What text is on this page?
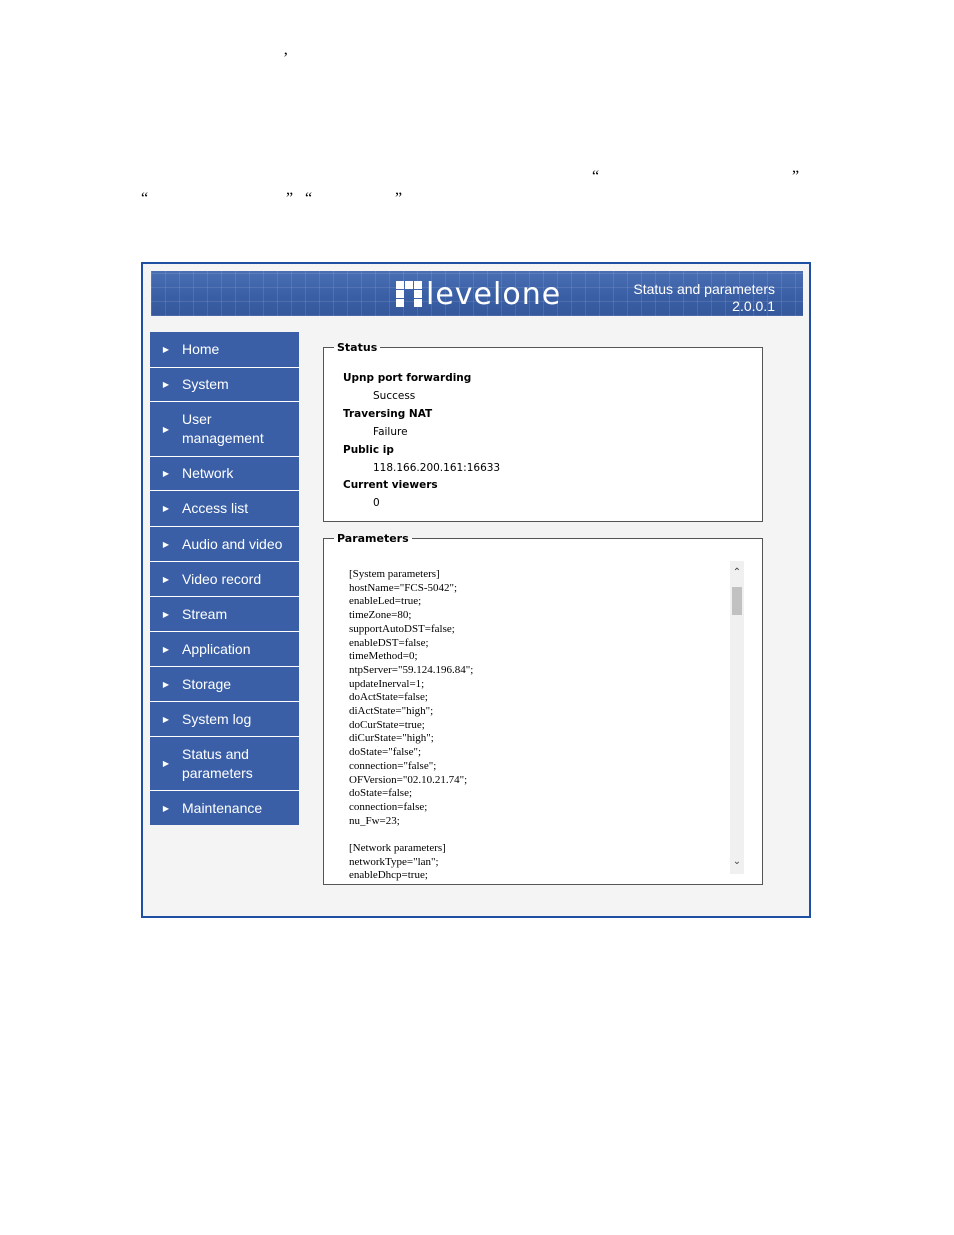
’
“	”
“	” “	”
levelone	Status and parameters
2.0.0.1
▶ Home
▶ System
▶
User management
▶ Network
▶ Access list
▶ Audio and video
▶ Video record
▶ Stream
▶ Application
▶ Storage
▶ System log
▶
Status and parameters
▶ Maintenance
Status
Upnp port forwarding
Success
Traversing NAT
Failure
Public ip
118.166.200.161:16633
Current viewers
0
Parameters
[System parameters]
hostName="FCS-5042";
enableLed=true;
timeZone=80;
supportAutoDST=false;
enableDST=false;
timeMethod=0;
ntpServer="59.124.196.84";
updateInerval=1;
doActState=false;
diActState="high";
doCurState=true;
diCurState="high";
doState="false";
connection="false";
OFVersion="02.10.21.74";
doState=false;
connection=false;
nu_Fw=23;

[Network parameters]
networkType="lan";
enableDhcp=true;
⌃
⌄
